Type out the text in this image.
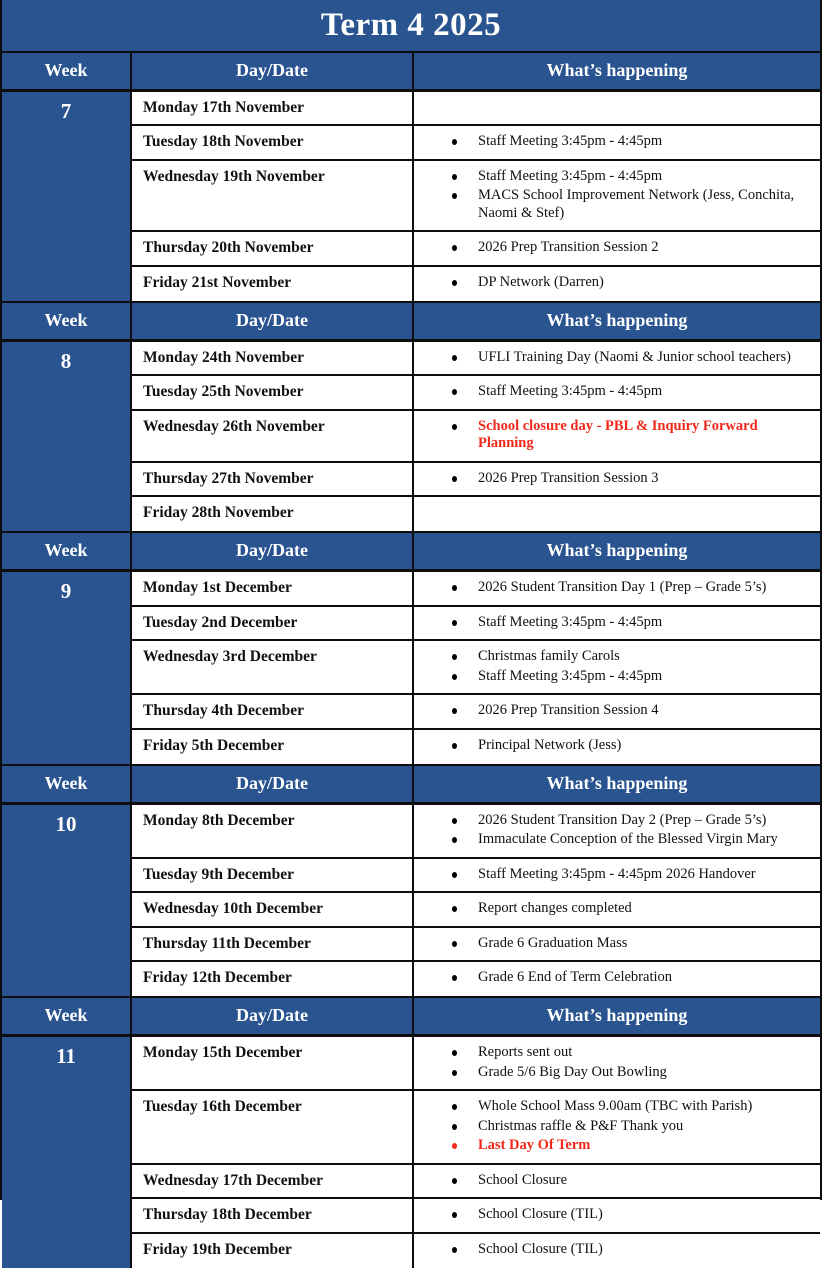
Term 4 2025
Week	Day/Date	What’s happening
7	Monday 17th November
Tuesday 18th November	Staff Meeting 3:45pm - 4:45pm
Wednesday 19th November	Staff Meeting 3:45pm - 4:45pm
MACS School Improvement Network (Jess, Conchita, Naomi & Stef)
Thursday 20th November	2026 Prep Transition Session 2
Friday 21st November	DP Network (Darren)
Week	Day/Date	What’s happening
8	Monday 24th November	UFLI Training Day (Naomi & Junior school teachers)
Tuesday 25th November	Staff Meeting 3:45pm - 4:45pm
Wednesday 26th November	School closure day - PBL & Inquiry Forward Planning
Thursday 27th November	2026 Prep Transition Session 3
Friday 28th November
Week	Day/Date	What’s happening
9	Monday 1st December	2026 Student Transition Day 1 (Prep – Grade 5’s)
Tuesday 2nd December	Staff Meeting 3:45pm - 4:45pm
Wednesday 3rd December	Christmas family Carols
Staff Meeting 3:45pm - 4:45pm
Thursday 4th December	2026 Prep Transition Session 4
Friday 5th December	Principal Network (Jess)
Week	Day/Date	What’s happening
10	Monday 8th December	2026 Student Transition Day 2 (Prep – Grade 5’s)
Immaculate Conception of the Blessed Virgin Mary
Tuesday 9th December	Staff Meeting 3:45pm - 4:45pm 2026 Handover
Wednesday 10th December	Report changes completed
Thursday 11th December	Grade 6 Graduation Mass
Friday 12th December	Grade 6 End of Term Celebration
Week	Day/Date	What’s happening
11	Monday 15th December	Reports sent out
Grade 5/6 Big Day Out Bowling
Tuesday 16th December	Whole School Mass 9.00am (TBC with Parish)
Christmas raffle & P&F Thank you
Last Day Of Term
Wednesday 17th December	School Closure
Thursday 18th December	School Closure (TIL)
Friday 19th December	School Closure (TIL)
